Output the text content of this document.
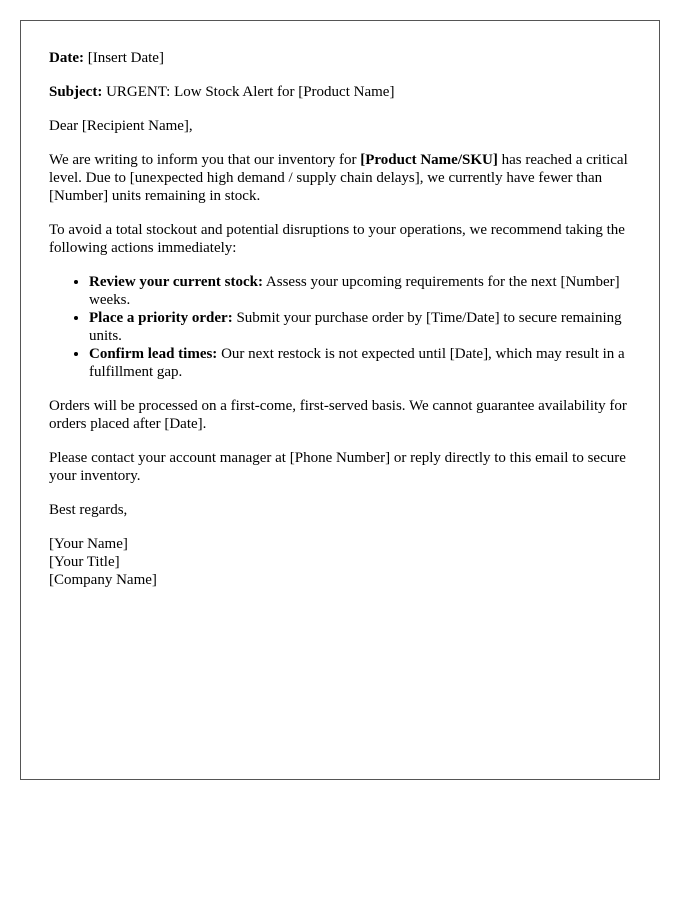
Date: [Insert Date]

Subject: URGENT: Low Stock Alert for [Product Name]

Dear [Recipient Name],

We are writing to inform you that our inventory for [Product Name/SKU] has reached a critical level. Due to [unexpected high demand / supply chain delays], we currently have fewer than [Number] units remaining in stock.

To avoid a total stockout and potential disruptions to your operations, we recommend taking the following actions immediately:

• Review your current stock: Assess your upcoming requirements for the next [Number] weeks.
• Place a priority order: Submit your purchase order by [Time/Date] to secure remaining units.
• Confirm lead times: Our next restock is not expected until [Date], which may result in a fulfillment gap.

Orders will be processed on a first-come, first-served basis. We cannot guarantee availability for orders placed after [Date].

Please contact your account manager at [Phone Number] or reply directly to this email to secure your inventory.

Best regards,

[Your Name]
[Your Title]
[Company Name]
